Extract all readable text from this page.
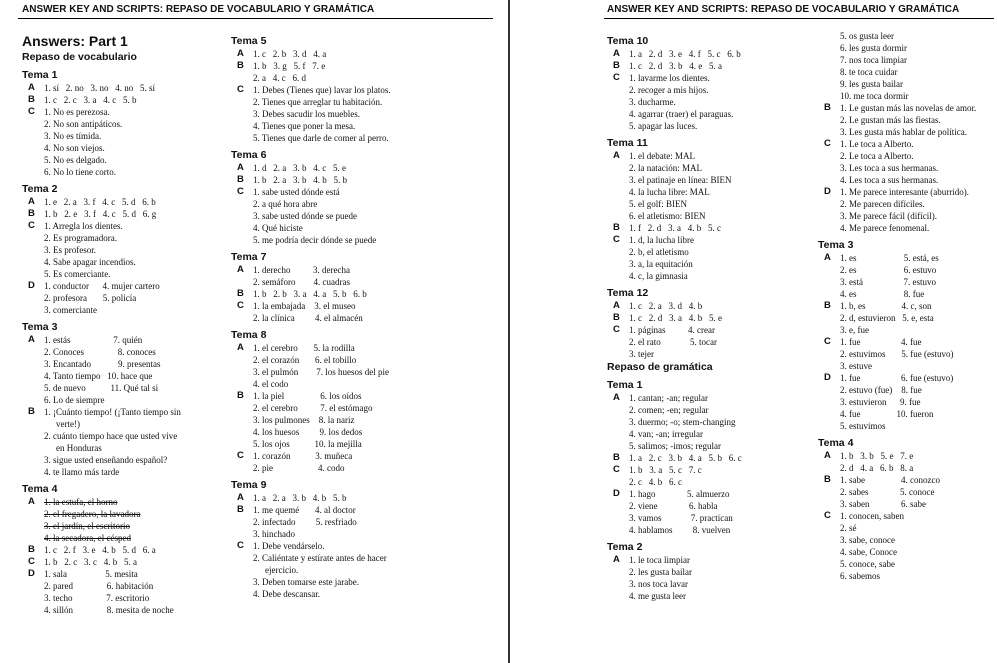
ANSWER KEY AND SCRIPTS: REPASO DE VOCABULARIO Y GRAMÁTICA
Answers: Part 1
Repaso de vocabulario
Tema 1
A 1. sí   2. no   3. no   4. no   5. sí
B 1. c   2. c   3. a   4. c   5. b
C 1. No es perezosa.
2. No son antipáticos.
3. No es tímida.
4. No son viejos.
5. No es delgado.
6. No lo tiene corto.
Tema 2
A 1. e   2. a   3. f   4. c   5. d   6. b
B 1. b   2. e   3. f   4. c   5. d   6. g
C 1. Arregla los dientes.
2. Es programadora.
3. Es profesor.
4. Sabe apagar incendios.
5. Es comerciante.
D 1. conductor      4. mujer cartero
2. profesora       5. policía
3. comerciante
Tema 3
A 1. estás                   7. quién
2. Conoces               8. conoces
3. Encantado            9. presentas
4. Tanto tiempo   10. hace que
5. de nuevo           11. Qué tal si
6. Lo de siempre
B 1. ¡Cuánto tiempo! (¡Tanto tiempo sin
verte!)
2. cuánto tiempo hace que usted vive
en Honduras
3. sigue usted enseñando español?
4. te llamo más tarde
Tema 4
A 1. la estufa, el horno
2. el fregadero, la lavadora
3. el jardín, el escritorio
4. la secadora, el césped
B 1. c   2. f   3. e   4. b   5. d   6. a
C 1. b   2. c   3. c   4. b   5. a
D 1. sala                 5. mesita
2. pared               6. habitación
3. techo               7. escritorio
4. sillón               8. mesita de noche
Tema 5
A 1. c   2. b   3. d   4. a
B 1. b   3. g   5. f   7. e
2. a   4. c   6. d
C 1. Debes (Tienes que) lavar los platos.
2. Tienes que arreglar tu habitación.
3. Debes sacudir los muebles.
4. Tienes que poner la mesa.
5. Tienes que darle de comer al perro.
Tema 6
A 1. d   2. a   3. b   4. c   5. e
B 1. b   2. a   3. b   4. b   5. b
C 1. sabe usted dónde está
2. a qué hora abre
3. sabe usted dónde se puede
4. Qué hiciste
5. me podría decir dónde se puede
Tema 7
A 1. derecho          3. derecha
2. semáforo        4. cuadras
B 1. b   2. b   3. a   4. a   5. b   6. b
C 1. la embajada    3. el museo
2. la clínica         4. el almacén
Tema 8
A 1. el cerebro       5. la rodilla
2. el corazón       6. el tobillo
3. el pulmón        7. los huesos del pie
4. el codo
B 1. la piel                6. los oídos
2. el cerebro          7. el estómago
3. los pulmones    8. la nariz
4. los huesos         9. los dedos
5. los ojos           10. la mejilla
C 1. corazón           3. muñeca
2. pie                    4. codo
Tema 9
A 1. a   2. a   3. b   4. b   5. b
B 1. me quemé       4. al doctor
2. infectado         5. resfriado
3. hinchado
C 1. Debe vendárselo.
2. Caliéntate y estírate antes de hacer
ejercicio.
3. Deben tomarse este jarabe.
4. Debe descansar.
ANSWER KEY AND SCRIPTS: REPASO DE VOCABULARIO Y GRAMÁTICA
Tema 10
A 1. a   2. d   3. e   4. f   5. c   6. b
B 1. c   2. d   3. b   4. e   5. a
C 1. lavarme los dientes.
2. recoger a mis hijos.
3. ducharme.
4. agarrar (traer) el paraguas.
5. apagar las luces.
Tema 11
A 1. el debate: MAL
2. la natación: MAL
3. el patinaje en línea: BIEN
4. la lucha libre: MAL
5. el golf: BIEN
6. el atletismo: BIEN
B 1. f   2. d   3. a   4. b   5. c
C 1. d, la lucha libre
2. b, el atletismo
3. a, la equitación
4. c, la gimnasia
Tema 12
A 1. c   2. a   3. d   4. b
B 1. c   2. d   3. a   4. b   5. e
C 1. páginas          4. crear
2. el rato             5. tocar
3. tejer
Repaso de gramática
Tema 1
A 1. cantan; -an; regular
2. comen; -en; regular
3. duermo; -o; stem-changing
4. van; -an; irregular
5. salimos; -imos; regular
B 1. a   2. c   3. b   4. a   5. b   6. c
C 1. b   3. a   5. c   7. c
2. c   4. b   6. c
D 1. hago              5. almuerzo
2. viene              6. habla
3. vamos             7. practican
4. hablamos         8. vuelven
Tema 2
A 1. le toca limpiar
2. les gusta bailar
3. nos toca lavar
4. me gusta leer
5. os gusta leer
6. les gusta dormir
7. nos toca limpiar
8. te toca cuidar
9. les gusta bailar
10. me toca dormir
B 1. Le gustan más las novelas de amor.
2. Le gustan más las fiestas.
3. Les gusta más hablar de política.
C 1. Le toca a Alberto.
2. Le toca a Alberto.
3. Les toca a sus hermanas.
4. Les toca a sus hermanas.
D 1. Me parece interesante (aburrido).
2. Me parecen difíciles.
3. Me parece fácil (difícil).
4. Me parece fenomenal.
Tema 3
A 1. es                     5. está, es
2. es                     6. estuvo
3. está                  7. estuvo
4. es                     8. fue
B 1. b, es                4. c, son
2. d, estuvieron   5. e, esta
3. e, fue
C 1. fue                  4. fue
2. estuvimos       5. fue (estuvo)
3. estuve
D 1. fue                  6. fue (estuvo)
2. estuvo (fue)    8. fue
3. estuvieron      9. fue
4. fue                10. fueron
5. estuvimos
Tema 4
A 1. b   3. b   5. e   7. e
2. d   4. a   6. b   8. a
B 1. sabe                4. conozco
2. sabes              5. conoce
3. saben              6. sabe
C 1. conocen, saben
2. sé
3. sabe, conoce
4. sabe, Conoce
5. conoce, sabe
6. sabemos
